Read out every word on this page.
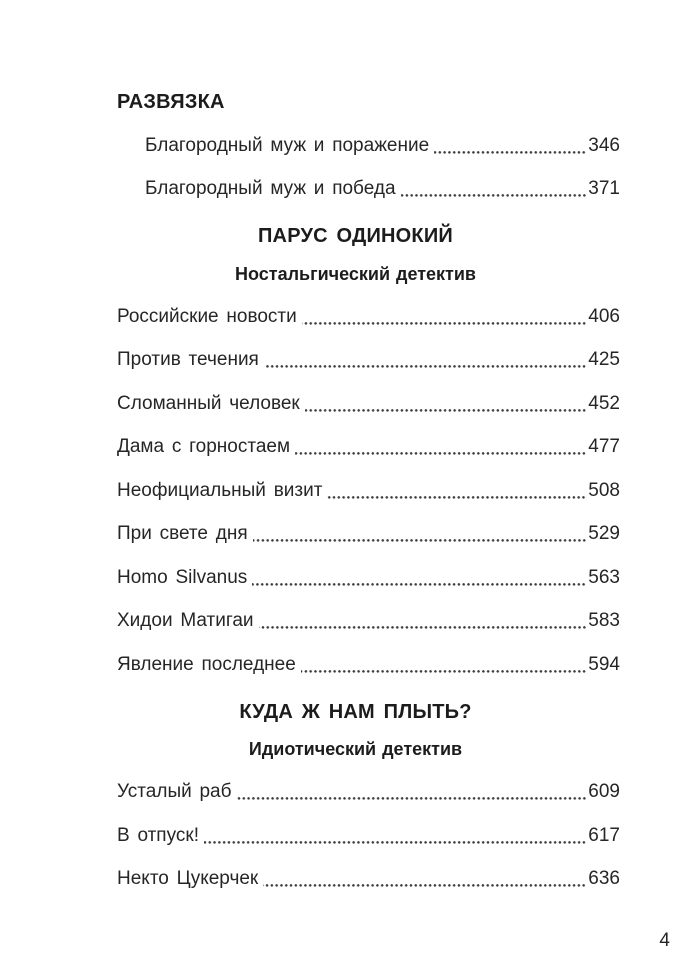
РАЗВЯЗКА
Благородный муж и поражение	346
Благородный муж и победа	371
ПАРУС ОДИНОКИЙ
Ностальгический детектив
Российские новости	406
Против течения	425
Сломанный человек	452
Дама с горностаем	477
Неофициальный визит	508
При свете дня	529
Homo Silvanus	563
Хидои Матигаи	583
Явление последнее	594
КУДА Ж НАМ ПЛЫТЬ?
Идиотический детектив
Усталый раб	609
В отпуск!	617
Некто Цукерчек	636
4
